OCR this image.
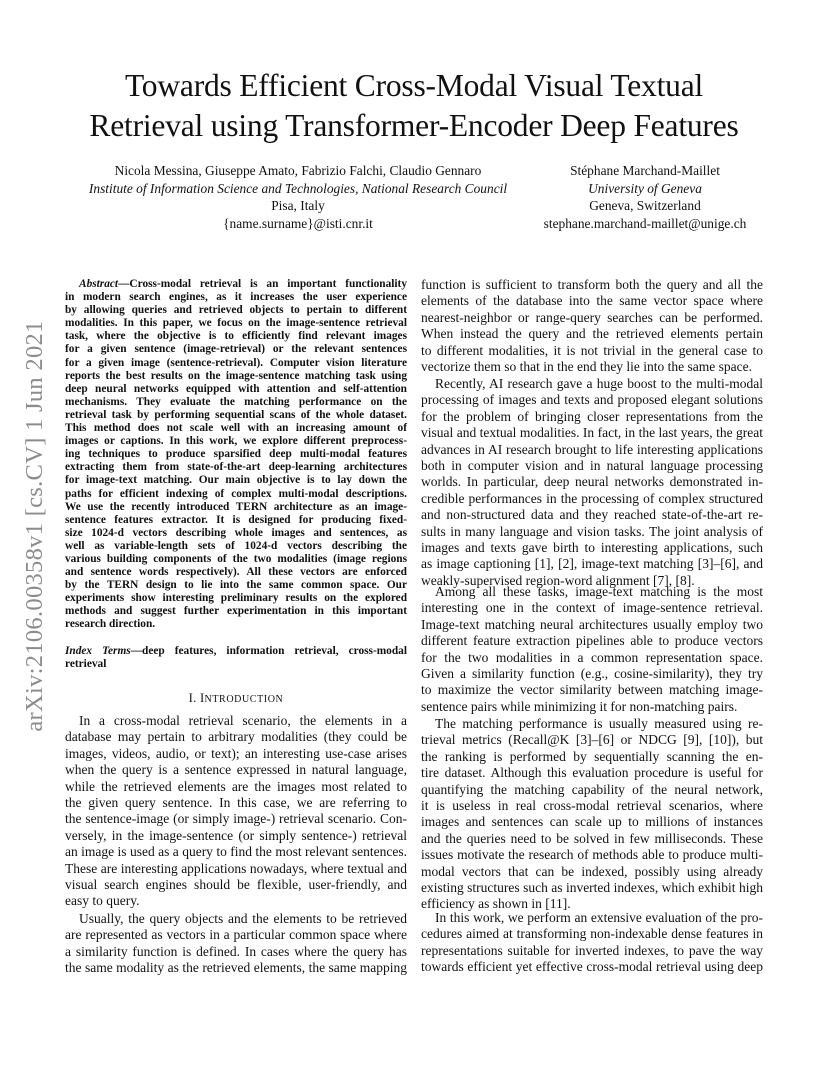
Towards Efficient Cross-Modal Visual Textual
Retrieval using Transformer-Encoder Deep Features
Nicola Messina, Giuseppe Amato, Fabrizio Falchi, Claudio Gennaro
Institute of Information Science and Technologies, National Research Council
Pisa, Italy
{name.surname}@isti.cnr.it
Stéphane Marchand-Maillet
University of Geneva
Geneva, Switzerland
stephane.marchand-maillet@unige.ch
arXiv:2106.00358v1 [cs.CV] 1 Jun 2021
Abstract—Cross-modal retrieval is an important functionality
in modern search engines, as it increases the user experience
by allowing queries and retrieved objects to pertain to different
modalities. In this paper, we focus on the image-sentence retrieval
task, where the objective is to efficiently find relevant images
for a given sentence (image-retrieval) or the relevant sentences
for a given image (sentence-retrieval). Computer vision literature
reports the best results on the image-sentence matching task using
deep neural networks equipped with attention and self-attention
mechanisms. They evaluate the matching performance on the
retrieval task by performing sequential scans of the whole dataset.
This method does not scale well with an increasing amount of
images or captions. In this work, we explore different preprocess-
ing techniques to produce sparsified deep multi-modal features
extracting them from state-of-the-art deep-learning architectures
for image-text matching. Our main objective is to lay down the
paths for efficient indexing of complex multi-modal descriptions.
We use the recently introduced TERN architecture as an image-
sentence features extractor. It is designed for producing fixed-
size 1024-d vectors describing whole images and sentences, as
well as variable-length sets of 1024-d vectors describing the
various building components of the two modalities (image regions
and sentence words respectively). All these vectors are enforced
by the TERN design to lie into the same common space. Our
experiments show interesting preliminary results on the explored
methods and suggest further experimentation in this important
research direction.
Index Terms—deep features, information retrieval, cross-modal
retrieval
I. INTRODUCTION
In a cross-modal retrieval scenario, the elements in a
database may pertain to arbitrary modalities (they could be
images, videos, audio, or text); an interesting use-case arises
when the query is a sentence expressed in natural language,
while the retrieved elements are the images most related to
the given query sentence. In this case, we are referring to
the sentence-image (or simply image-) retrieval scenario. Con-
versely, in the image-sentence (or simply sentence-) retrieval
an image is used as a query to find the most relevant sentences.
These are interesting applications nowadays, where textual and
visual search engines should be flexible, user-friendly, and
easy to query.
Usually, the query objects and the elements to be retrieved
are represented as vectors in a particular common space where
a similarity function is defined. In cases where the query has
the same modality as the retrieved elements, the same mapping
function is sufficient to transform both the query and all the
elements of the database into the same vector space where
nearest-neighbor or range-query searches can be performed.
When instead the query and the retrieved elements pertain
to different modalities, it is not trivial in the general case to
vectorize them so that in the end they lie into the same space.
Recently, AI research gave a huge boost to the multi-modal
processing of images and texts and proposed elegant solutions
for the problem of bringing closer representations from the
visual and textual modalities. In fact, in the last years, the great
advances in AI research brought to life interesting applications
both in computer vision and in natural language processing
worlds. In particular, deep neural networks demonstrated in-
credible performances in the processing of complex structured
and non-structured data and they reached state-of-the-art re-
sults in many language and vision tasks. The joint analysis of
images and texts gave birth to interesting applications, such
as image captioning [1], [2], image-text matching [3]–[6], and
weakly-supervised region-word alignment [7], [8].
Among all these tasks, image-text matching is the most
interesting one in the context of image-sentence retrieval.
Image-text matching neural architectures usually employ two
different feature extraction pipelines able to produce vectors
for the two modalities in a common representation space.
Given a similarity function (e.g., cosine-similarity), they try
to maximize the vector similarity between matching image-
sentence pairs while minimizing it for non-matching pairs.
The matching performance is usually measured using re-
trieval metrics (Recall@K [3]–[6] or NDCG [9], [10]), but
the ranking is performed by sequentially scanning the en-
tire dataset. Although this evaluation procedure is useful for
quantifying the matching capability of the neural network,
it is useless in real cross-modal retrieval scenarios, where
images and sentences can scale up to millions of instances
and the queries need to be solved in few milliseconds. These
issues motivate the research of methods able to produce multi-
modal vectors that can be indexed, possibly using already
existing structures such as inverted indexes, which exhibit high
efficiency as shown in [11].
In this work, we perform an extensive evaluation of the pro-
cedures aimed at transforming non-indexable dense features in
representations suitable for inverted indexes, to pave the way
towards efficient yet effective cross-modal retrieval using deep
